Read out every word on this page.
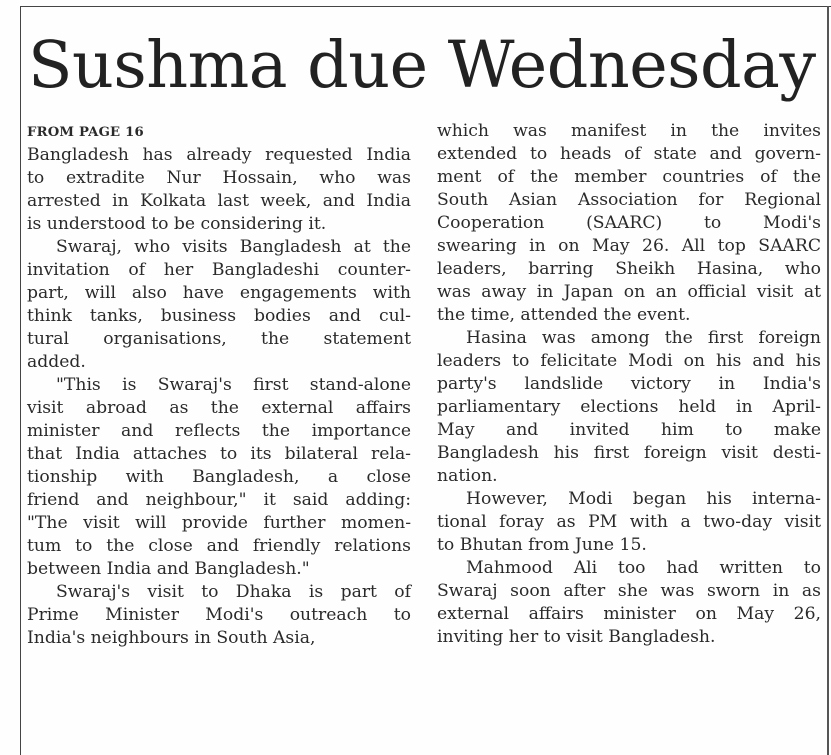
Sushma due Wednesday
FROM PAGE 16

Bangladesh has already requested India
to extradite Nur Hossain, who was
arrested in Kolkata last week, and India
is understood to be considering it.

Swaraj, who visits Bangladesh at the
invitation of her Bangladeshi counter-
part, will also have engagements with
think tanks, business bodies and cul-
tural organisations, the statement
added.

"This is Swaraj's first stand-alone
visit abroad as the external affairs
minister and reflects the importance
that India attaches to its bilateral rela-
tionship with Bangladesh, a close
friend and neighbour," it said adding:
"The visit will provide further momen-
tum to the close and friendly relations
between India and Bangladesh."

Swaraj's visit to Dhaka is part of
Prime Minister Modi's outreach to
India's neighbours in South Asia,

which was manifest in the invites
extended to heads of state and govern-
ment of the member countries of the
South Asian Association for Regional
Cooperation (SAARC) to Modi's
swearing in on May 26. All top SAARC
leaders, barring Sheikh Hasina, who
was away in Japan on an official visit at
the time, attended the event.

Hasina was among the first foreign
leaders to felicitate Modi on his and his
party's landslide victory in India's
parliamentary elections held in April-
May and invited him to make
Bangladesh his first foreign visit desti-
nation.

However, Modi began his interna-
tional foray as PM with a two-day visit
to Bhutan from June 15.

Mahmood Ali too had written to
Swaraj soon after she was sworn in as
external affairs minister on May 26,
inviting her to visit Bangladesh.
